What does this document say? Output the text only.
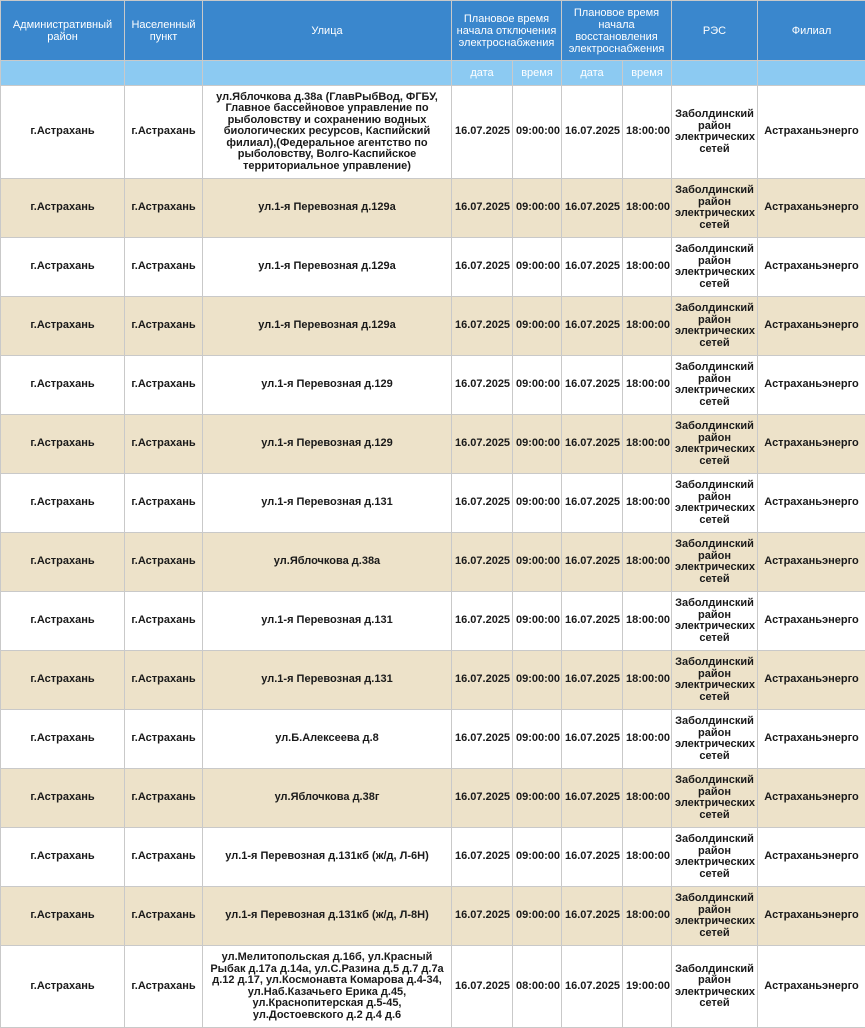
Административный район	Населенный пункт	Улица	Плановое время начала отключения электроснабжения		Плановое время начала восстановления электроснабжения		РЭС	Филиал
			дата	время	дата	время		
г.Астрахань	г.Астрахань	ул.Яблочкова д.38а (ГлавРыбВод, ФГБУ, Главное бассейновое управление по рыболовству и сохранению водных биологических ресурсов, Каспийский филиал),(Федеральное агентство по рыболовству, Волго-Каспийское территориальное управление)	16.07.2025	09:00:00	16.07.2025	18:00:00	Заболдинский район электрических сетей	Астраханьэнерго
г.Астрахань	г.Астрахань	ул.1-я Перевозная д.129а	16.07.2025	09:00:00	16.07.2025	18:00:00	Заболдинский район электрических сетей	Астраханьэнерго
г.Астрахань	г.Астрахань	ул.1-я Перевозная д.129а	16.07.2025	09:00:00	16.07.2025	18:00:00	Заболдинский район электрических сетей	Астраханьэнерго
г.Астрахань	г.Астрахань	ул.1-я Перевозная д.129а	16.07.2025	09:00:00	16.07.2025	18:00:00	Заболдинский район электрических сетей	Астраханьэнерго
г.Астрахань	г.Астрахань	ул.1-я Перевозная д.129	16.07.2025	09:00:00	16.07.2025	18:00:00	Заболдинский район электрических сетей	Астраханьэнерго
г.Астрахань	г.Астрахань	ул.1-я Перевозная д.129	16.07.2025	09:00:00	16.07.2025	18:00:00	Заболдинский район электрических сетей	Астраханьэнерго
г.Астрахань	г.Астрахань	ул.1-я Перевозная д.131	16.07.2025	09:00:00	16.07.2025	18:00:00	Заболдинский район электрических сетей	Астраханьэнерго
г.Астрахань	г.Астрахань	ул.Яблочкова д.38а	16.07.2025	09:00:00	16.07.2025	18:00:00	Заболдинский район электрических сетей	Астраханьэнерго
г.Астрахань	г.Астрахань	ул.1-я Перевозная д.131	16.07.2025	09:00:00	16.07.2025	18:00:00	Заболдинский район электрических сетей	Астраханьэнерго
г.Астрахань	г.Астрахань	ул.1-я Перевозная д.131	16.07.2025	09:00:00	16.07.2025	18:00:00	Заболдинский район электрических сетей	Астраханьэнерго
г.Астрахань	г.Астрахань	ул.Б.Алексеева д.8	16.07.2025	09:00:00	16.07.2025	18:00:00	Заболдинский район электрических сетей	Астраханьэнерго
г.Астрахань	г.Астрахань	ул.Яблочкова д.38г	16.07.2025	09:00:00	16.07.2025	18:00:00	Заболдинский район электрических сетей	Астраханьэнерго
г.Астрахань	г.Астрахань	ул.1-я Перевозная д.131кб (ж/д, Л-6Н)	16.07.2025	09:00:00	16.07.2025	18:00:00	Заболдинский район электрических сетей	Астраханьэнерго
г.Астрахань	г.Астрахань	ул.1-я Перевозная д.131кб (ж/д, Л-8Н)	16.07.2025	09:00:00	16.07.2025	18:00:00	Заболдинский район электрических сетей	Астраханьэнерго
г.Астрахань	г.Астрахань	ул.Мелитопольская д.16б, ул.Красный Рыбак д.17а д.14а, ул.С.Разина д.5 д.7 д.7а д.12 д.17, ул.Космонавта Комарова д.4-34, ул.Наб.Казачьего Ерика д.45, ул.Краснопитерская д.5-45, ул.Достоевского д.2 д.4 д.6	16.07.2025	08:00:00	16.07.2025	19:00:00	Заболдинский район электрических сетей	Астраханьэнерго
